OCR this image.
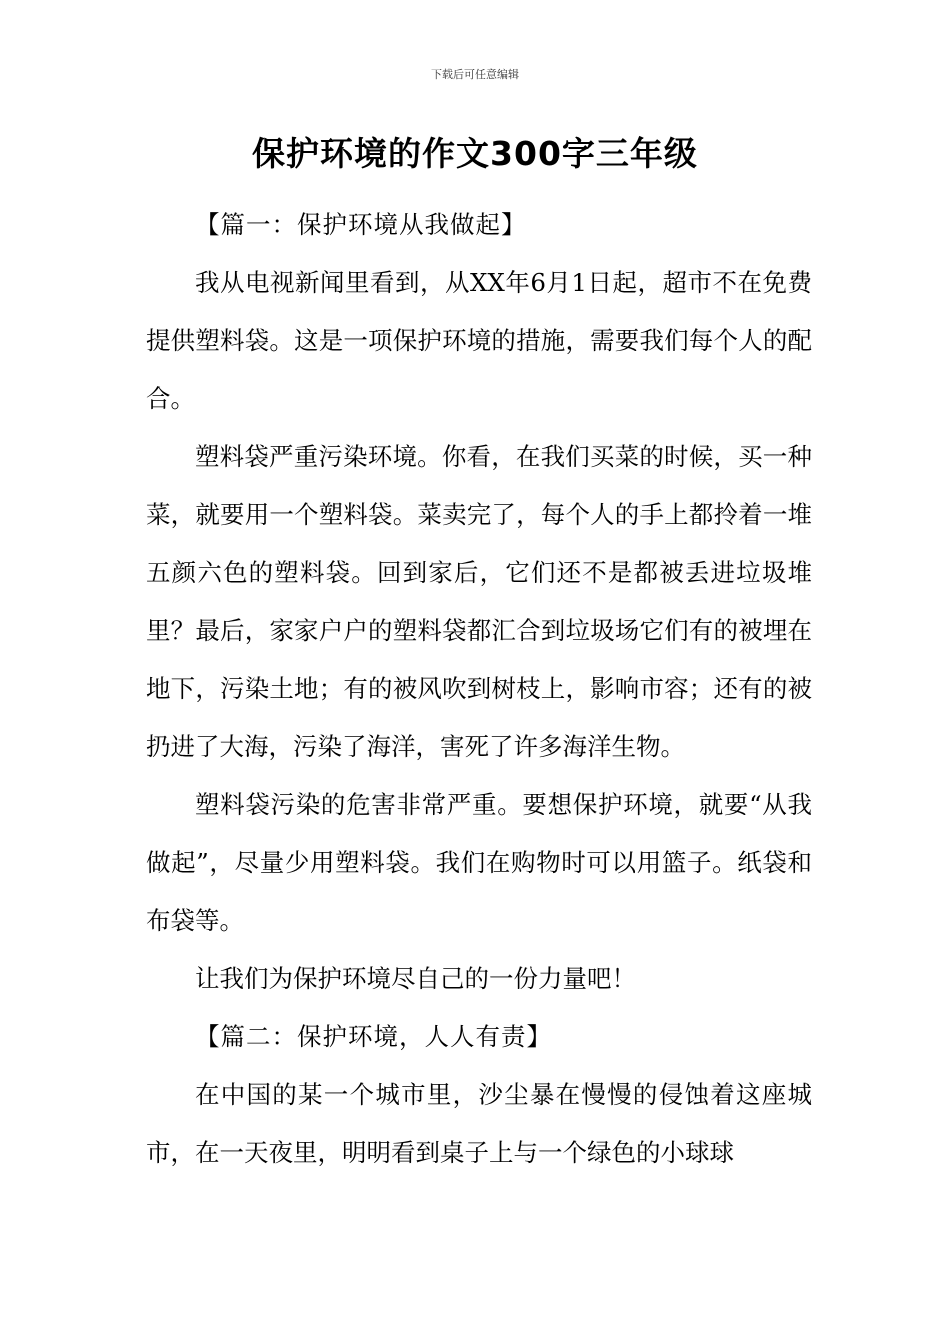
下载后可任意编辑
保护环境的作文300字三年级

【篇一：保护环境从我做起】

我从电视新闻里看到，从XX年6月1日起，超市不在免费提供塑料袋。这是一项保护环境的措施，需要我们每个人的配合。

塑料袋严重污染环境。你看，在我们买菜的时候，买一种菜，就要用一个塑料袋。菜卖完了，每个人的手上都拎着一堆五颜六色的塑料袋。回到家后，它们还不是都被丢进垃圾堆里？最后，家家户户的塑料袋都汇合到垃圾场它们有的被埋在地下，污染土地；有的被风吹到树枝上，影响市容；还有的被扔进了大海，污染了海洋，害死了许多海洋生物。

塑料袋污染的危害非常严重。要想保护环境，就要“从我做起”，尽量少用塑料袋。我们在购物时可以用篮子。纸袋和布袋等。

让我们为保护环境尽自己的一份力量吧！

【篇二：保护环境，人人有责】

在中国的某一个城市里，沙尘暴在慢慢的侵蚀着这座城市，在一天夜里，明明看到桌子上与一个绿色的小球球
